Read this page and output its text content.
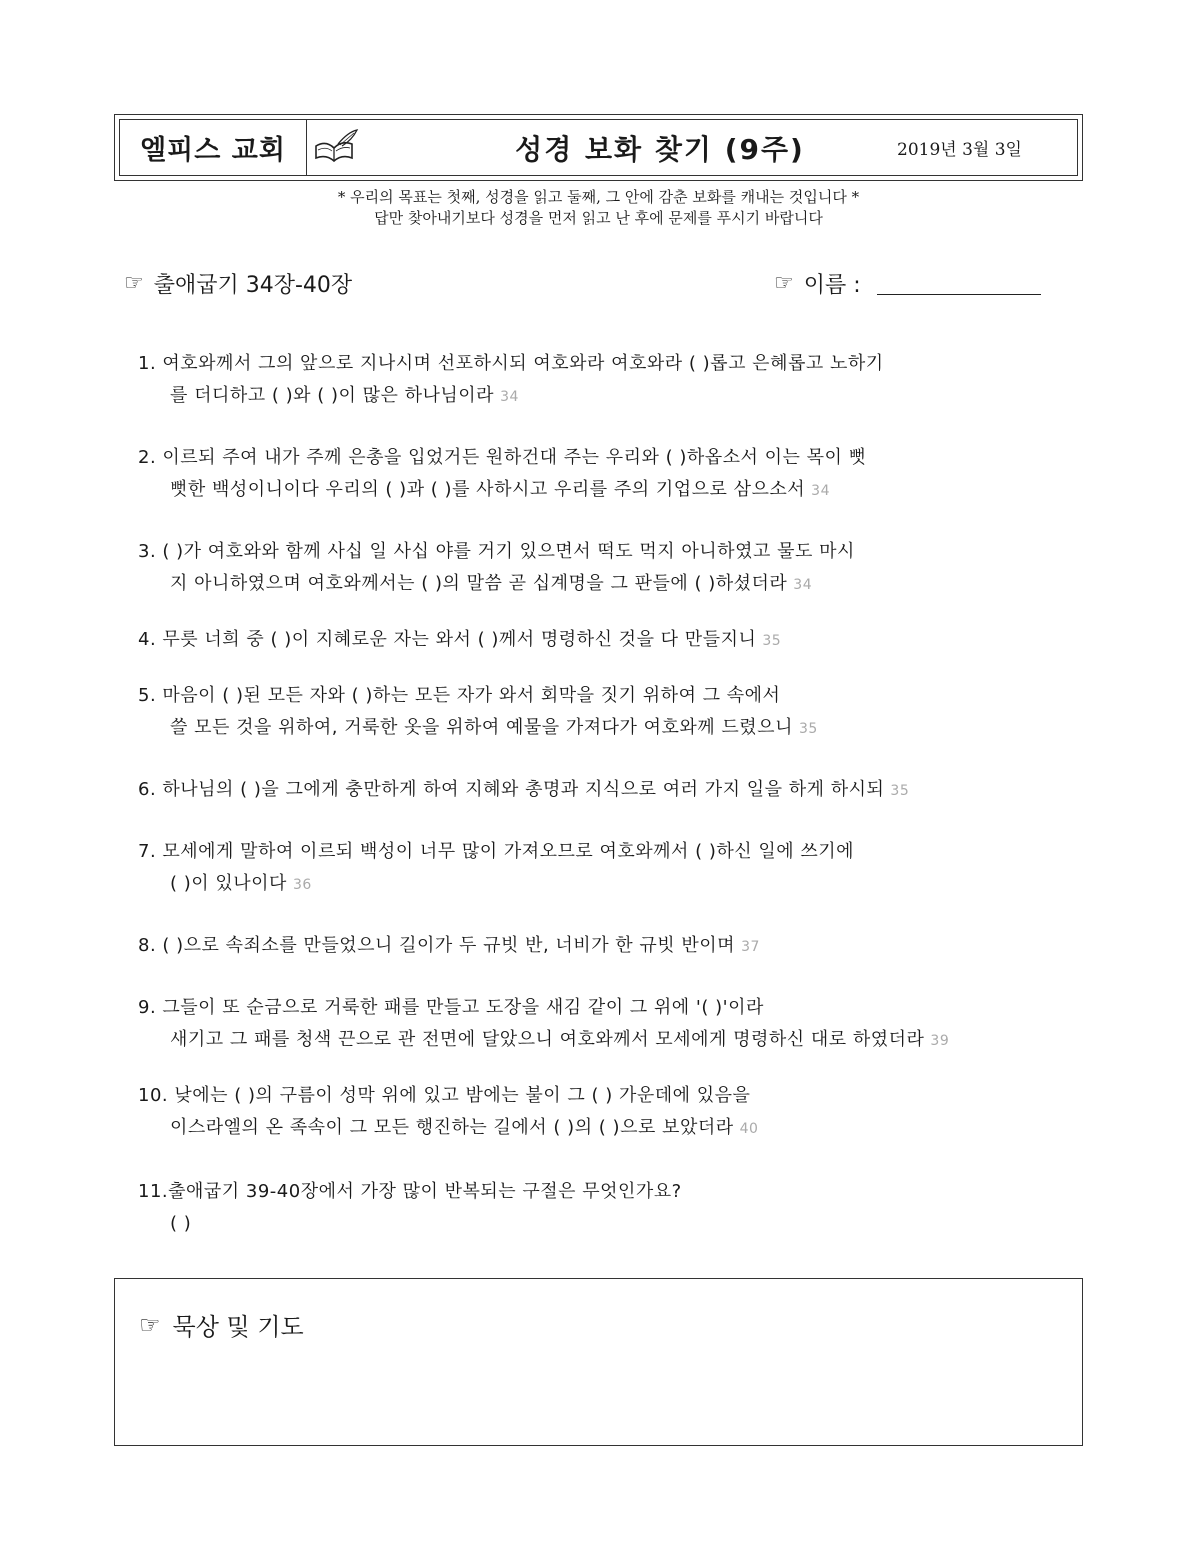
엘피스 교회	성경 보화 찾기 (9주)	2019년 3월 3일
* 우리의 목표는 첫째, 성경을 읽고 둘째, 그 안에 감춘 보화를 캐내는 것입니다 *
답만 찾아내기보다 성경을 먼저 읽고 난 후에 문제를 푸시기 바랍니다
☞ 출애굽기 34장-40장	☞ 이름 :
1. 여호와께서 그의 앞으로 지나시며 선포하시되 여호와라 여호와라 ( )롭고 은혜롭고 노하기
를 더디하고 ( )와 ( )이 많은 하나님이라 34
2. 이르되 주여 내가 주께 은총을 입었거든 원하건대 주는 우리와 ( )하옵소서 이는 목이 뻣
뻣한 백성이니이다 우리의 ( )과 ( )를 사하시고 우리를 주의 기업으로 삼으소서 34
3. ( )가 여호와와 함께 사십 일 사십 야를 거기 있으면서 떡도 먹지 아니하였고 물도 마시
지 아니하였으며 여호와께서는 ( )의 말씀 곧 십계명을 그 판들에 ( )하셨더라 34
4. 무릇 너희 중 ( )이 지혜로운 자는 와서 ( )께서 명령하신 것을 다 만들지니 35
5. 마음이 ( )된 모든 자와 ( )하는 모든 자가 와서 회막을 짓기 위하여 그 속에서
쓸 모든 것을 위하여, 거룩한 옷을 위하여 예물을 가져다가 여호와께 드렸으니 35
6. 하나님의 ( )을 그에게 충만하게 하여 지혜와 총명과 지식으로 여러 가지 일을 하게 하시되 35
7. 모세에게 말하여 이르되 백성이 너무 많이 가져오므로 여호와께서 ( )하신 일에 쓰기에
( )이 있나이다 36
8. ( )으로 속죄소를 만들었으니 길이가 두 규빗 반, 너비가 한 규빗 반이며 37
9. 그들이 또 순금으로 거룩한 패를 만들고 도장을 새김 같이 그 위에 '( )'이라
새기고 그 패를 청색 끈으로 관 전면에 달았으니 여호와께서 모세에게 명령하신 대로 하였더라 39
10. 낮에는 ( )의 구름이 성막 위에 있고 밤에는 불이 그 ( ) 가운데에 있음을
이스라엘의 온 족속이 그 모든 행진하는 길에서 ( )의 ( )으로 보았더라 40
11.출애굽기 39-40장에서 가장 많이 반복되는 구절은 무엇인가요?
( )
☞ 묵상 및 기도
